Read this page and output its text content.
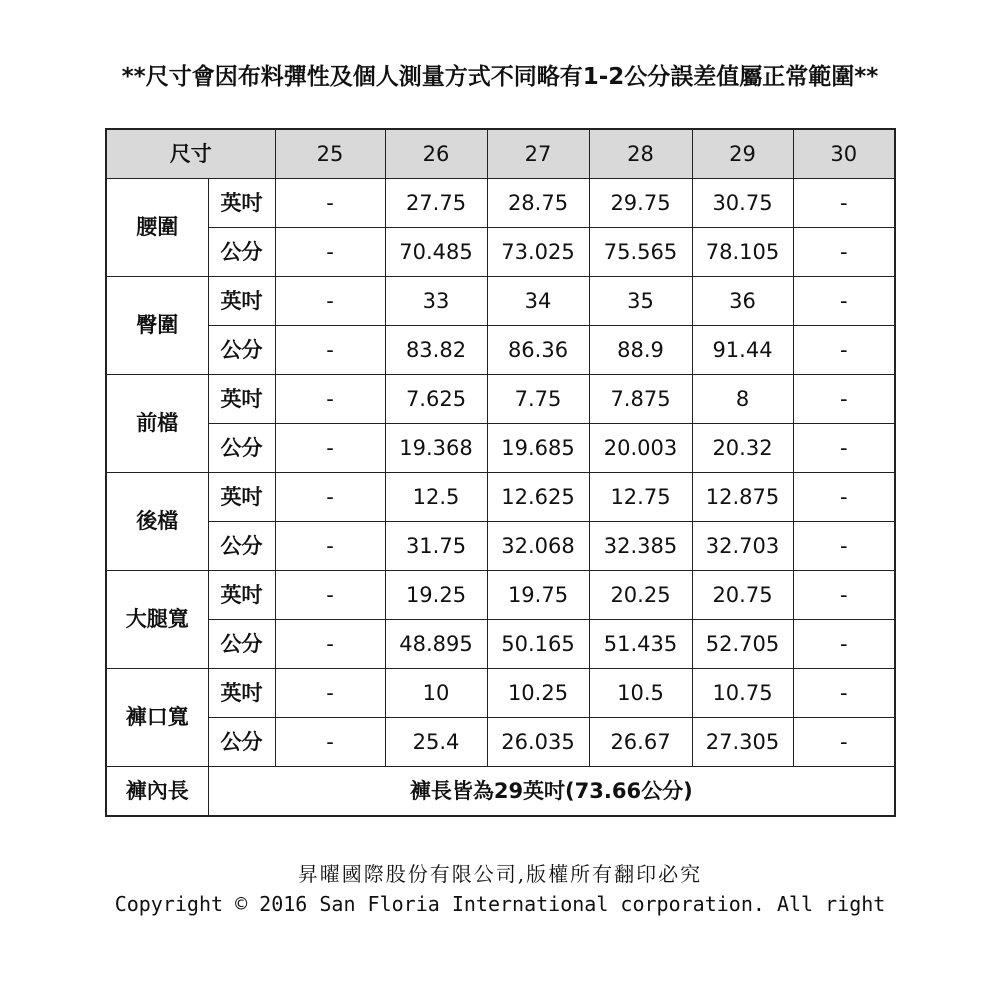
**尺寸會因布料彈性及個人測量方式不同略有1-2公分誤差值屬正常範圍**
尺寸		25	26	27	28	29	30
腰圍	英吋	-	27.75	28.75	29.75	30.75	-
	公分	-	70.485	73.025	75.565	78.105	-
臀圍	英吋	-	33	34	35	36	-
	公分	-	83.82	86.36	88.9	91.44	-
前檔	英吋	-	7.625	7.75	7.875	8	-
	公分	-	19.368	19.685	20.003	20.32	-
後檔	英吋	-	12.5	12.625	12.75	12.875	-
	公分	-	31.75	32.068	32.385	32.703	-
大腿寬	英吋	-	19.25	19.75	20.25	20.75	-
	公分	-	48.895	50.165	51.435	52.705	-
褲口寬	英吋	-	10	10.25	10.5	10.75	-
	公分	-	25.4	26.035	26.67	27.305	-
褲內長	褲長皆為29英吋(73.66公分)						
昇曜國際股份有限公司,版權所有翻印必究
Copyright © 2016 San Floria International corporation. All right
